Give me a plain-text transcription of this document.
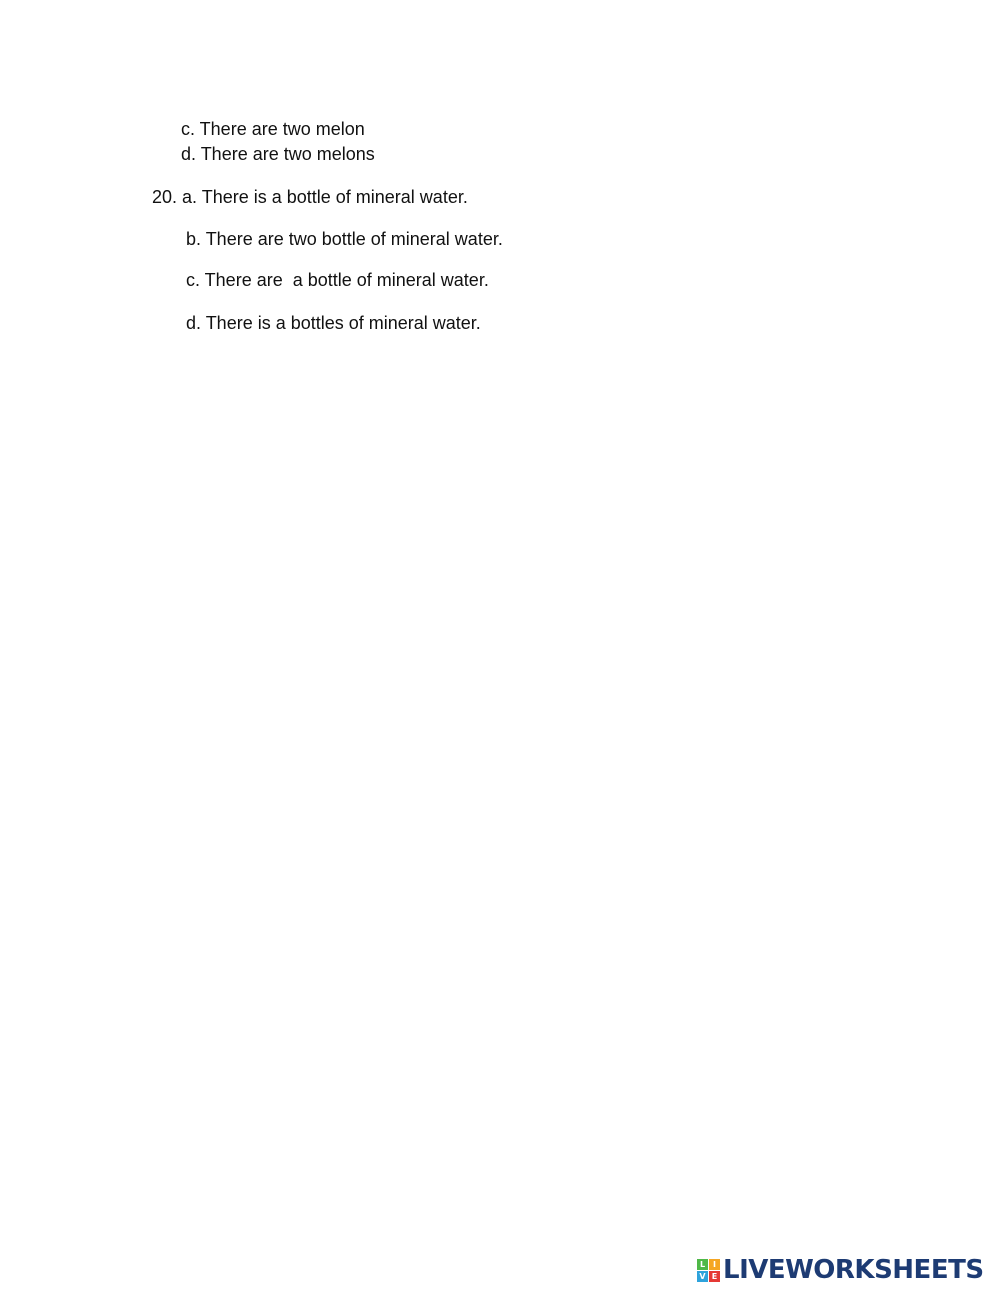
c. There are two melon
d. There are two melons
20. a. There is a bottle of mineral water.
b. There are two bottle of mineral water.
c. There are  a bottle of mineral water.
d. There is a bottles of mineral water.
L I
V E LIVEWORKSHEETS
